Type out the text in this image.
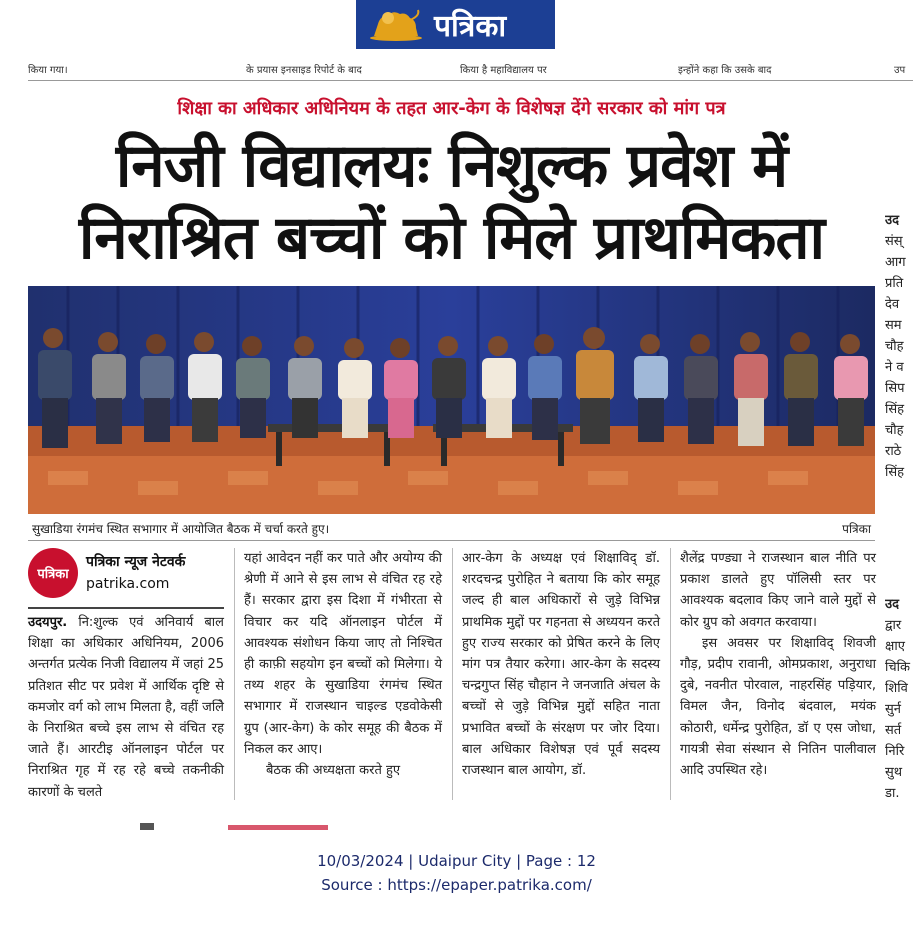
पत्रिका
किया गया।	के प्रयास इनसाइड रिपोर्ट के बाद	किया है महाविद्यालय पर	इन्होंने कहा कि उसके बाद	उप
शिक्षा का अधिकार अधिनियम के तहत आर-केग के विशेषज्ञ देंगे सरकार को मांग पत्र
निजी विद्यालयः निशुल्क प्रवेश में
निराश्रित बच्चों को मिले प्राथमिकता
सुखाडिया रंगमंच स्थित सभागार में आयोजित बैठक में चर्चा करते हुए।	पत्रिका
पत्रिका
पत्रिका न्यूज नेटवर्क
patrika.com
उदयपुर. नि:शुल्क एवं अनिवार्य बाल शिक्षा का अधिकार अधिनियम, 2006 अन्तर्गत प्रत्येक निजी विद्यालय में जहां 25 प्रतिशत सीट पर प्रवेश में आर्थिक दृष्टि से कमजोर वर्ग को लाभ मिलता है, वहीं जलिे के निराश्रित बच्चे इस लाभ से वंचित रह जाते हैं। आरटीइ ऑनलाइन पोर्टल पर निराश्रित गृह में रह रहे बच्चे तकनीकी कारणों के चलते
यहां आवेदन नहीं कर पाते और अयोग्य की श्रेणी में आने से इस लाभ से वंचित रह रहे हैं। सरकार द्वारा इस दिशा में गंभीरता से विचार कर यदि ऑनलाइन पोर्टल में आवश्यक संशोधन किया जाए तो निश्चित ही काफ़ी सहयोग इन बच्चों को मिलेगा। ये तथ्य शहर के सुखाडिया रंगमंच स्थित सभागार में राजस्थान चाइल्ड एडवोकेसी ग्रुप (आर-केग) के कोर समूह की बैठक में निकल कर आए।
बैठक की अध्यक्षता करते हुए
आर-केग के अध्यक्ष एवं शिक्षाविद् डॉ. शरदचन्द्र पुरोहित ने बताया कि कोर समूह जल्द ही बाल अधिकारों से जुड़े विभिन्न प्राथमिक मुद्दों पर गहनता से अध्ययन करते हुए राज्य सरकार को प्रेषित करने के लिए मांग पत्र तैयार करेगा। आर-केग के सदस्य चन्द्रगुप्त सिंह चौहान ने जनजाति अंचल के बच्चों से जुड़े विभिन्न मुद्दों सहित नाता प्रभावित बच्चों के संरक्षण पर जोर दिया। बाल अधिकार विशेषज्ञ एवं पूर्व सदस्य राजस्थान बाल आयोग, डॉ.
शैलेंद्र पण्ड्या ने राजस्थान बाल नीति पर प्रकाश डालते हुए पॉलिसी स्तर पर आवश्यक बदलाव किए जाने वाले मुद्दों से कोर ग्रुप को अवगत करवाया।
इस अवसर पर शिक्षाविद् शिवजी गौड़, प्रदीप रावानी, ओमप्रकाश, अनुराधा दुबे, नवनीत पोरवाल, नाहरसिंह पड़ियार, विमल जैन, विनोद बंदवाल, मयंक कोठारी, धर्मेन्द्र पुरोहित, डॉ ए एस जोधा, गायत्री सेवा संस्थान से नितिन पालीवाल आदि उपस्थित रहे।
उद
संस्
आग
प्रति
देव
सम
चौह
ने व
सिप
सिंह
चौह
राठे
सिंह
उद
द्वार
क्षाए
चिकि
शिवि
सुर्न
सर्त
निरि
सुथ
डा.
10/03/2024 | Udaipur City | Page : 12
Source : https://epaper.patrika.com/
